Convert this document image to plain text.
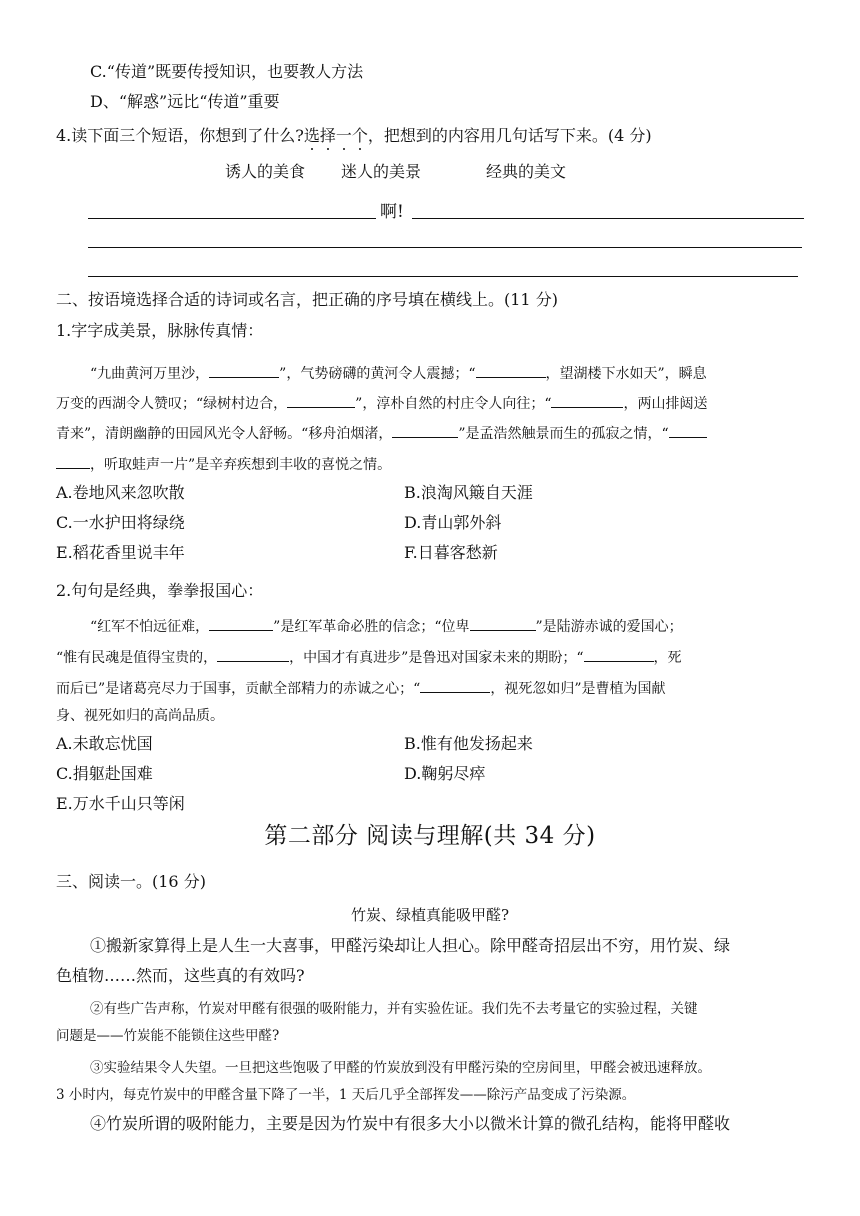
C.“传道”既要传授知识，也要教人方法
D、“解惑”远比“传道”重要
4.读下面三个短语，你想到了什么?选择一个，把想到的内容用几句话写下来。(4 分)
诱人的美食 迷人的美景	经典的美文
啊!
二、按语境选择合适的诗词或名言，把正确的序号填在横线上。(11 分)
1.字字成美景，脉脉传真情：
“九曲黄河万里沙，	”，气势磅礴的黄河令人震撼；“	，望湖楼下水如天”，瞬息
万变的西湖令人赞叹；“绿树村边合，	”，淳朴自然的村庄令人向往；“	，两山排闼送
青来”，清朗幽静的田园风光令人舒畅。“移舟泊烟渚，	”是孟浩然触景而生的孤寂之情，“
，听取蛙声一片”是辛弃疾想到丰收的喜悦之情。
A.卷地风来忽吹散	B.浪淘风簸自天涯
C.一水护田将绿绕	D.青山郭外斜
E.稻花香里说丰年	F.日暮客愁新
2.句句是经典，拳拳报国心：
“红军不怕远征难，	”是红军革命必胜的信念；“位卑	”是陆游赤诚的爱国心；
“惟有民魂是值得宝贵的，	，中国才有真进步”是鲁迅对国家未来的期盼；“	，死
而后已”是诸葛亮尽力于国事，贡献全部精力的赤诚之心；“	，视死忽如归”是曹植为国献
身、视死如归的高尚品质。
A.未敢忘忧国	B.惟有他发扬起来
C.捐躯赴国难	D.鞠躬尽瘁
E.万水千山只等闲
第二部分 阅读与理解(共 34 分)
三、阅读一。(16 分)
竹炭、绿植真能吸甲醛?
①搬新家算得上是人生一大喜事，甲醛污染却让人担心。除甲醛奇招层出不穷，用竹炭、绿
色植物……然而，这些真的有效吗?
②有些广告声称，竹炭对甲醛有很强的吸附能力，并有实验佐证。我们先不去考量它的实验过程，关键
问题是——竹炭能不能锁住这些甲醛?
③实验结果令人失望。一旦把这些饱吸了甲醛的竹炭放到没有甲醛污染的空房间里，甲醛会被迅速释放。
3 小时内，每克竹炭中的甲醛含量下降了一半，1 天后几乎全部挥发——除污产品变成了污染源。
④竹炭所谓的吸附能力，主要是因为竹炭中有很多大小以微米计算的微孔结构，能将甲醛收
